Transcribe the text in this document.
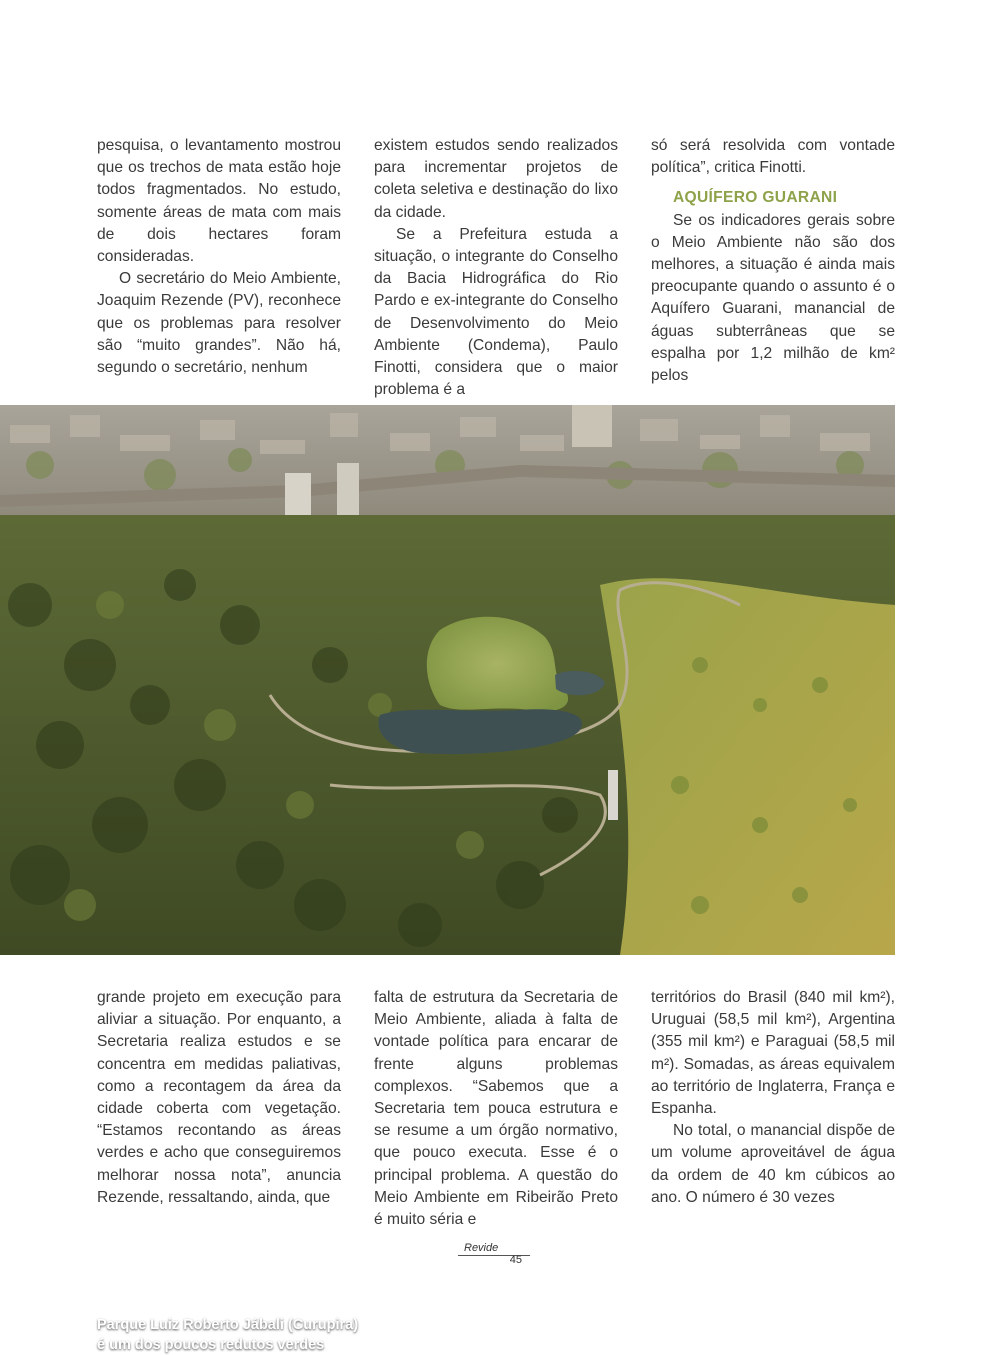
pesquisa, o levantamento mostrou que os trechos de mata estão hoje todos fragmentados. No estudo, somente áreas de mata com mais de dois hectares foram consideradas.

O secretário do Meio Ambiente, Joaquim Rezende (PV), reconhece que os problemas para resolver são “muito grandes”. Não há, segundo o secretário, nenhum

existem estudos sendo realizados para incrementar projetos de coleta seletiva e destinação do lixo da cidade.

Se a Prefeitura estuda a situação, o integrante do Conselho da Bacia Hidrográfica do Rio Pardo e ex-integrante do Conselho de Desenvolvimento do Meio Ambiente (Condema), Paulo Finotti, considera que o maior problema é a

só será resolvida com vontade política”, critica Finotti.

AQUÍFERO GUARANI

Se os indicadores gerais sobre o Meio Ambiente não são dos melhores, a situação é ainda mais preocupante quando o assunto é o Aquífero Guarani, manancial de águas subterrâneas que se espalha por 1,2 milhão de km² pelos

Parque Luiz Roberto Jábali (Curupira)
é um dos poucos redutos verdes

grande projeto em execução para aliviar a situação. Por enquanto, a Secretaria realiza estudos e se concentra em medidas paliativas, como a recontagem da área da cidade coberta com vegetação. “Estamos recontando as áreas verdes e acho que conseguiremos melhorar nossa nota”, anuncia Rezende, ressaltando, ainda, que

falta de estrutura da Secretaria de Meio Ambiente, aliada à falta de vontade política para encarar de frente alguns problemas complexos. “Sabemos que a Secretaria tem pouca estrutura e se resume a um órgão normativo, que pouco executa. Esse é o principal problema. A questão do Meio Ambiente em Ribeirão Preto é muito séria e

territórios do Brasil (840 mil km²), Uruguai (58,5 mil km²), Argentina (355 mil km²) e Paraguai (58,5 mil m²). Somadas, as áreas equivalem ao território de Inglaterra, França e Espanha.

No total, o manancial dispõe de um volume aproveitável de água da ordem de 40 km cúbicos ao ano. O número é 30 vezes

Revide
45
